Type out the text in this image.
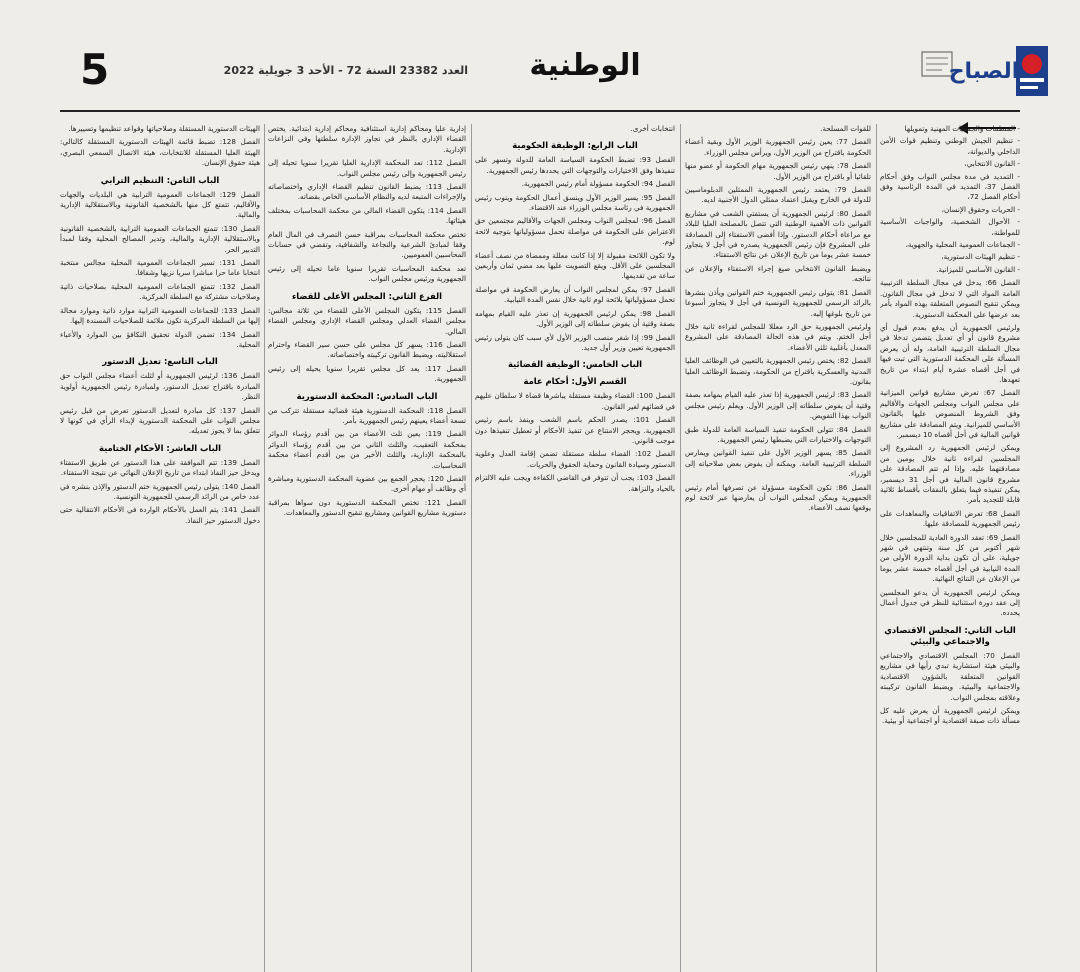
5	العدد 23382 السنة 72 - الأحد 3 جويلية 2022	الوطنية	الصباح
- المنظمات والجمعيات المهنية وتمويلها
- تنظيم الجيش الوطني وتنظيم قوات الأمن الداخلي والديوانة،
- القانون الانتخابي،
- التمديد في مدة مجلس النواب وفق أحكام الفصل 37، التمديد في المدة الرئاسية وفق أحكام الفصل 72،
- الحريات وحقوق الإنسان،
- الأحوال الشخصية، والواجبات الأساسية للمواطنة،
- الجماعات العمومية المحلية والجهوية،
- تنظيم الهيئات الدستورية،
- القانون الأساسي للميزانية.

الفصل 66: يدخل في مجال السلطة الترتيبية العامة المواد التي لا تدخل في مجال القانون. ويمكن تنقيح النصوص المتعلقة بهذه المواد بأمر بعد عرضها على المحكمة الدستورية.

ولرئيس الجمهورية أن يدفع بعدم قبول أي مشروع قانون أو أي تعديل يتضمن تدخلا في مجال السلطة الترتيبية العامة، وله أن يعرض المسألة على المحكمة الدستورية التي تبت فيها في أجل أقصاه عشرة أيام ابتداء من تاريخ تعهدها.

الفصل 67: تعرض مشاريع قوانين الميزانية على مجلس النواب ومجلس الجهات والأقاليم وفق الشروط المنصوص عليها بالقانون الأساسي للميزانية. ويتم المصادقة على مشاريع قوانين المالية في أجل أقصاه 10 ديسمبر.

ويمكن لرئيس الجمهورية رد المشروع إلى المجلسين لقراءة ثانية خلال يومين من مصادقتهما عليه. وإذا لم تتم المصادقة على مشروع قانون المالية في أجل 31 ديسمبر، يمكن تنفيذه فيما يتعلق بالنفقات بأقساط ثلاثية قابلة للتجديد بأمر.

الفصل 68: تعرض الاتفاقيات والمعاهدات على رئيس الجمهورية للمصادقة عليها.

الفصل 69: تعقد الدورة العادية للمجلسين خلال شهر أكتوبر من كل سنة وتنتهي في شهر جويلية، على أن تكون بداية الدورة الأولى من المدة النيابية في أجل أقصاه خمسة عشر يوما من الإعلان عن النتائج النهائية.

ويمكن لرئيس الجمهورية أن يدعو المجلسين إلى عقد دورة استثنائية للنظر في جدول أعمال يحدده.

الباب الثاني: المجلس الاقتصادي والاجتماعي والبيئي

الفصل 70: المجلس الاقتصادي والاجتماعي والبيئي هيئة استشارية تبدي رأيها في مشاريع القوانين المتعلقة بالشؤون الاقتصادية والاجتماعية والبيئية. ويضبط القانون تركيبته وعلاقته بمجلس النواب.

ويمكن لرئيس الجمهورية أن يعرض عليه كل مسألة ذات صبغة اقتصادية أو اجتماعية أو بيئية.

للقوات المسلحة.

الفصل 77: يعين رئيس الجمهورية الوزير الأول وبقية أعضاء الحكومة باقتراح من الوزير الأول، ويرأس مجلس الوزراء.

الفصل 78: ينهي رئيس الجمهورية مهام الحكومة أو عضو منها تلقائيا أو باقتراح من الوزير الأول.

الفصل 79: يعتمد رئيس الجمهورية الممثلين الدبلوماسيين للدولة في الخارج ويقبل اعتماد ممثلي الدول الأجنبية لديه.

الفصل 80: لرئيس الجمهورية أن يستفتي الشعب في مشاريع القوانين ذات الأهمية الوطنية التي تتصل بالمصلحة العليا للبلاد مع مراعاة أحكام الدستور. وإذا أفضى الاستفتاء إلى المصادقة على المشروع فإن رئيس الجمهورية يصدره في أجل لا يتجاوز خمسة عشر يوما من تاريخ الإعلان عن نتائج الاستفتاء.

ويضبط القانون الانتخابي صيغ إجراء الاستفتاء والإعلان عن نتائجه.

الفصل 81: يتولى رئيس الجمهورية ختم القوانين ويأذن بنشرها بالرائد الرسمي للجمهورية التونسية في أجل لا يتجاوز أسبوعا من تاريخ بلوغها إليه.

ولرئيس الجمهورية حق الرد معللا للمجلس لقراءة ثانية خلال أجل الختم. ويتم في هذه الحالة المصادقة على المشروع المعدل بأغلبية ثلثي الأعضاء.

الفصل 82: يختص رئيس الجمهورية بالتعيين في الوظائف العليا المدنية والعسكرية باقتراح من الحكومة، وتضبط الوظائف العليا بقانون.

الفصل 83: لرئيس الجمهورية إذا تعذر عليه القيام بمهامه بصفة وقتية أن يفوض سلطاته إلى الوزير الأول. ويعلم رئيس مجلس النواب بهذا التفويض.

الفصل 84: تتولى الحكومة تنفيذ السياسة العامة للدولة طبق التوجهات والاختيارات التي يضبطها رئيس الجمهورية.

الفصل 85: يسهر الوزير الأول على تنفيذ القوانين ويمارس السلطة الترتيبية العامة. ويمكنه أن يفوض بعض صلاحياته إلى الوزراء.

الفصل 86: تكون الحكومة مسؤولة عن تصرفها أمام رئيس الجمهورية ويمكن لمجلس النواب أن يعارضها عبر لائحة لوم يوقعها نصف الأعضاء.

انتخابات أخرى.

الباب الرابع: الوظيفة الحكومية

الفصل 93: تضبط الحكومة السياسة العامة للدولة وتسهر على تنفيذها وفق الاختيارات والتوجهات التي يحددها رئيس الجمهورية.

الفصل 94: الحكومة مسؤولة أمام رئيس الجمهورية.

الفصل 95: يسير الوزير الأول وينسق أعمال الحكومة وينوب رئيس الجمهورية في رئاسة مجلس الوزراء عند الاقتضاء.

الفصل 96: لمجلس النواب ومجلس الجهات والأقاليم مجتمعين حق الاعتراض على الحكومة في مواصلة تحمل مسؤولياتها بتوجيه لائحة لوم.

ولا تكون اللائحة مقبولة إلا إذا كانت معللة وممضاة من نصف أعضاء المجلسين على الأقل. ويقع التصويت عليها بعد مضي ثمان وأربعين ساعة من تقديمها.

الفصل 97: يمكن لمجلس النواب أن يعارض الحكومة في مواصلة تحمل مسؤولياتها بلائحة لوم ثانية خلال نفس المدة النيابية.

الفصل 98: يمكن لرئيس الجمهورية إن تعذر عليه القيام بمهامه بصفة وقتية أن يفوض سلطاته إلى الوزير الأول.

الفصل 99: إذا شغر منصب الوزير الأول لأي سبب كان يتولى رئيس الجمهورية تعيين وزير أول جديد.

الباب الخامس: الوظيفة القضائية
القسم الأول: أحكام عامة

الفصل 100: القضاء وظيفة مستقلة يباشرها قضاة لا سلطان عليهم في قضائهم لغير القانون.

الفصل 101: يصدر الحكم باسم الشعب وينفذ باسم رئيس الجمهورية. ويحجر الامتناع عن تنفيذ الأحكام أو تعطيل تنفيذها دون موجب قانوني.

الفصل 102: القضاء سلطة مستقلة تضمن إقامة العدل وعلوية الدستور وسيادة القانون وحماية الحقوق والحريات.

الفصل 103: يجب أن تتوفر في القاضي الكفاءة ويجب عليه الالتزام بالحياد والنزاهة.

إدارية عليا ومحاكم إدارية استئنافية ومحاكم إدارية ابتدائية. يختص القضاء الإداري بالنظر في تجاوز الإدارة سلطتها وفي النزاعات الإدارية.

الفصل 112: تعد المحكمة الإدارية العليا تقريرا سنويا تحيله إلى رئيس الجمهورية وإلى رئيس مجلس النواب.

الفصل 113: يضبط القانون تنظيم القضاء الإداري واختصاصاته والإجراءات المتبعة لديه والنظام الأساسي الخاص بقضاته.

الفصل 114: يتكون القضاء المالي من محكمة المحاسبات بمختلف هيئاتها.

تختص محكمة المحاسبات بمراقبة حسن التصرف في المال العام وفقا لمبادئ الشرعية والنجاعة والشفافية، وتقضي في حسابات المحاسبين العموميين.

تعد محكمة المحاسبات تقريرا سنويا عاما تحيله إلى رئيس الجمهورية ورئيس مجلس النواب.

الفرع الثاني: المجلس الأعلى للقضاء

الفصل 115: يتكون المجلس الأعلى للقضاء من ثلاثة مجالس: مجلس القضاء العدلي ومجلس القضاء الإداري ومجلس القضاء المالي.

الفصل 116: يسهر كل مجلس على حسن سير القضاء واحترام استقلاليته، ويضبط القانون تركيبته واختصاصاته.

الفصل 117: يعد كل مجلس تقريرا سنويا يحيله إلى رئيس الجمهورية.

الباب السادس: المحكمة الدستورية

الفصل 118: المحكمة الدستورية هيئة قضائية مستقلة تتركب من تسعة أعضاء يعينهم رئيس الجمهورية بأمر.

الفصل 119: يعين ثلث الأعضاء من بين أقدم رؤساء الدوائر بمحكمة التعقيب، والثلث الثاني من بين أقدم رؤساء الدوائر بالمحكمة الإدارية، والثلث الأخير من بين أقدم أعضاء محكمة المحاسبات.

الفصل 120: يحجر الجمع بين عضوية المحكمة الدستورية ومباشرة أي وظائف أو مهام أخرى.

الفصل 121: تختص المحكمة الدستورية دون سواها بمراقبة دستورية مشاريع القوانين ومشاريع تنقيح الدستور والمعاهدات.

الهيئات الدستورية المستقلة وصلاحياتها وقواعد تنظيمها وتسييرها.

الفصل 128: تضبط قائمة الهيئات الدستورية المستقلة كالتالي: الهيئة العليا المستقلة للانتخابات، هيئة الاتصال السمعي البصري، هيئة حقوق الإنسان.

الباب الثامن: التنظيم الترابي

الفصل 129: الجماعات العمومية الترابية هي البلديات والجهات والأقاليم، تتمتع كل منها بالشخصية القانونية وبالاستقلالية الإدارية والمالية.

الفصل 130: تتمتع الجماعات العمومية الترابية بالشخصية القانونية وبالاستقلالية الإدارية والمالية، وتدير المصالح المحلية وفقا لمبدأ التدبير الحر.

الفصل 131: تسير الجماعات العمومية المحلية مجالس منتخبة انتخابا عاما حرا مباشرا سريا نزيها وشفافا.

الفصل 132: تتمتع الجماعات العمومية المحلية بصلاحيات ذاتية وصلاحيات مشتركة مع السلطة المركزية.

الفصل 133: للجماعات العمومية الترابية موارد ذاتية وموارد محالة إليها من السلطة المركزية تكون ملائمة للصلاحيات المسندة إليها.

الفصل 134: تضمن الدولة تحقيق التكافؤ بين الموارد والأعباء المحلية.

الباب التاسع: تعديل الدستور

الفصل 136: لرئيس الجمهورية أو لثلث أعضاء مجلس النواب حق المبادرة باقتراح تعديل الدستور، ولمبادرة رئيس الجمهورية أولوية النظر.

الفصل 137: كل مبادرة لتعديل الدستور تعرض من قبل رئيس مجلس النواب على المحكمة الدستورية لإبداء الرأي في كونها لا تتعلق بما لا يجوز تعديله.

الباب العاشر: الأحكام الختامية

الفصل 139: تتم الموافقة على هذا الدستور عن طريق الاستفتاء ويدخل حيز النفاذ ابتداء من تاريخ الإعلان النهائي عن نتيجة الاستفتاء.

الفصل 140: يتولى رئيس الجمهورية ختم الدستور والإذن بنشره في عدد خاص من الرائد الرسمي للجمهورية التونسية.

الفصل 141: يتم العمل بالأحكام الواردة في الأحكام الانتقالية حتى دخول الدستور حيز النفاذ.
